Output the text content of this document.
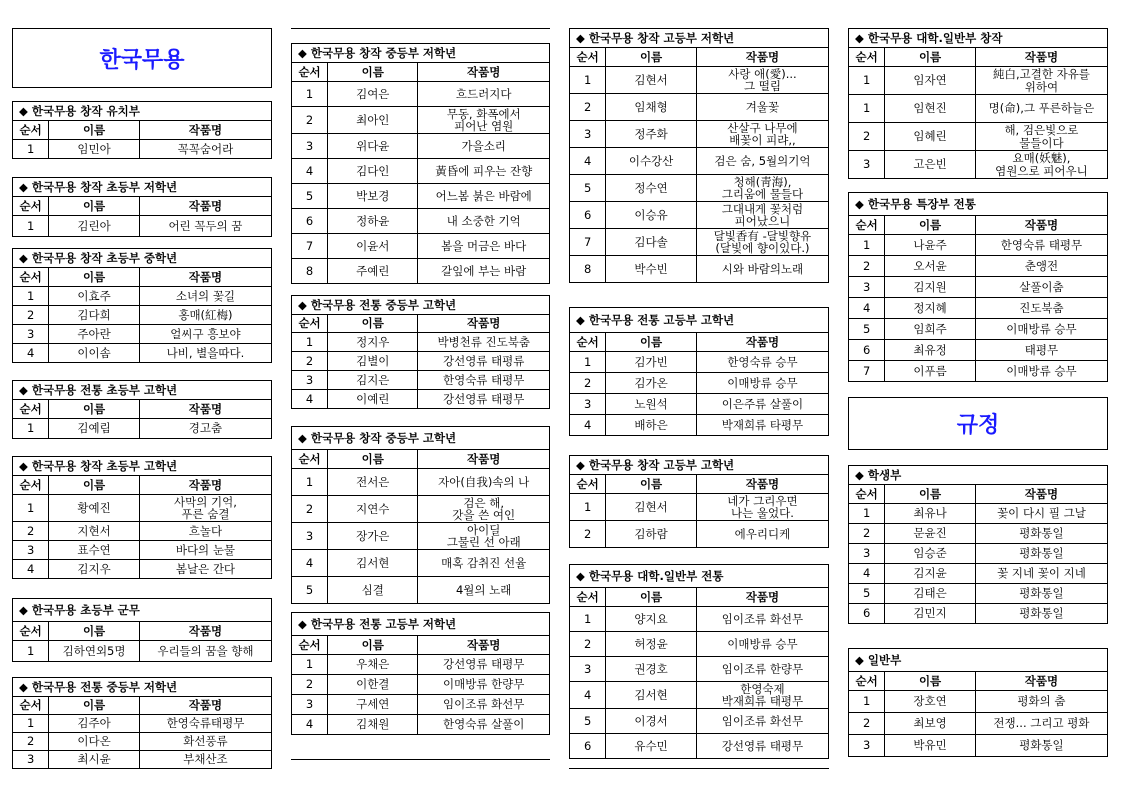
한국무용
규정
◆ 한국무용 창작 유치부		
순서	이름	작품명
1	임민아	꼭꼭숨어라
◆ 한국무용 창작 초등부 저학년		
순서	이름	작품명
1	김린아	어린 꼭두의 꿈
◆ 한국무용 창작 초등부 중학년		
순서	이름	작품명
1	이효주	소녀의 꽃길
2	김다희	홍매(紅梅)
3	주아란	얼씨구 흥보야
4	이이솜	나비, 별을따다.
◆ 한국무용 전통 초등부 고학년		
순서	이름	작품명
1	김예림	경고춤
◆ 한국무용 창작 초등부 고학년		
순서	이름	작품명
1	황예진	사막의 기억,
푸른 숨결
2	지현서	흐놀다
3	표수연	바다의 눈물
4	김지우	봄날은 간다
◆ 한국무용 초등부 군무		
순서	이름	작품명
1	김하연외5명	우리들의 꿈을 향해
◆ 한국무용 전통 중등부 저학년		
순서	이름	작품명
1	김주아	한영숙류태평무
2	이다온	화선풍류
3	최시윤	부채산조
◆ 한국무용 창작 중등부 저학년		
순서	이름	작품명
1	김여은	흐드러지다
2	최아인	무동, 화폭에서
피어난 염원
3	위다윤	가을소리
4	김다인	黃昏에 피우는 잔향
5	박보경	어느봄 붉은 바람에
6	정하윤	내 소중한 기억
7	이윤서	봄을 머금은 바다
8	주예린	갈잎에 부는 바람
◆ 한국무용 전통 중등부 고학년		
순서	이름	작품명
1	정지우	박병천류 진도북춤
2	김별이	강선영류 태평류
3	김지은	한영숙류 태평무
4	이예린	강선영류 태평무
◆ 한국무용 창작 중등부 고학년		
순서	이름	작품명
1	전서은	자아(自我)속의 나
2	지연수	검은 해,
갓을 쓴 여인
3	장가은	아이딜
그물린 선 아래
4	김서현	매혹 감취진 선율
5	심결	4월의 노래
◆ 한국무용 전통 고등부 저학년		
순서	이름	작품명
1	우채은	강선영류 태평무
2	이한결	이매방류 한량무
3	구세연	임이조류 화선무
4	김채원	한영숙류 살풀이
◆ 한국무용 창작 고등부 저학년		
순서	이름	작품명
1	김현서	사랑 애(愛)...
그 떨림
2	임채형	겨울꽃
3	정주화	산살구 나무에
배꽃이 피랴,,
4	이수강산	검은 숨, 5월의기억
5	정수연	청해(靑海),
그리움에 물들다
6	이승유	그대내게 꽃처럼
피어났으니
7	김다솔	달빛香有 -달빛향유
(달빛에 향이있다.)
8	박수빈	시와 바람의노래
◆ 한국무용 전통 고등부 고학년		
순서	이름	작품명
1	김가빈	한영숙류 승무
2	김가온	이매방류 승무
3	노원석	이은주류 살풀이
4	배하은	박재희류 타평무
◆ 한국무용 창작 고등부 고학년		
순서	이름	작품명
1	김현서	네가 그리우면
나는 울었다.
2	김하람	에우리디케
◆ 한국무용 대학.일반부 전통		
순서	이름	작품명
1	양지요	임이조류 화선무
2	허정윤	이매방류 승무
3	권경호	임이조류 한량무
4	김서현	한영숙제
박재희류 태평무
5	이경서	임이조류 화선무
6	유수민	강선영류 태평무
◆ 한국무용 대학.일반부 창작		
순서	이름	작품명
1	임자연	純白,고결한 자유를
위하여
1	임현진	명(命),그 푸른하늘은
2	임혜린	해, 검은빛으로
물들이다
3	고은빈	요매(妖魅),
염원으로 피어우니
◆ 한국무용 특장부 전통		
순서	이름	작품명
1	나윤주	한영숙류 태평무
2	오서윤	춘앵전
3	김지원	살풀이춤
4	정지혜	진도북춤
5	임희주	이매방류 승무
6	최유정	태평무
7	이푸름	이매방류 승무
◆ 학생부		
순서	이름	작품명
1	최유나	꽃이 다시 필 그날
2	문윤진	평화통일
3	임승준	평화통일
4	김지윤	꽃 지네 꽃이 지네
5	김태은	평화통일
6	김민지	평화통일
◆ 일반부		
순서	이름	작품명
1	장호연	평화의 춤
2	최보영	전쟁... 그리고 평화
3	박유민	평화통일
